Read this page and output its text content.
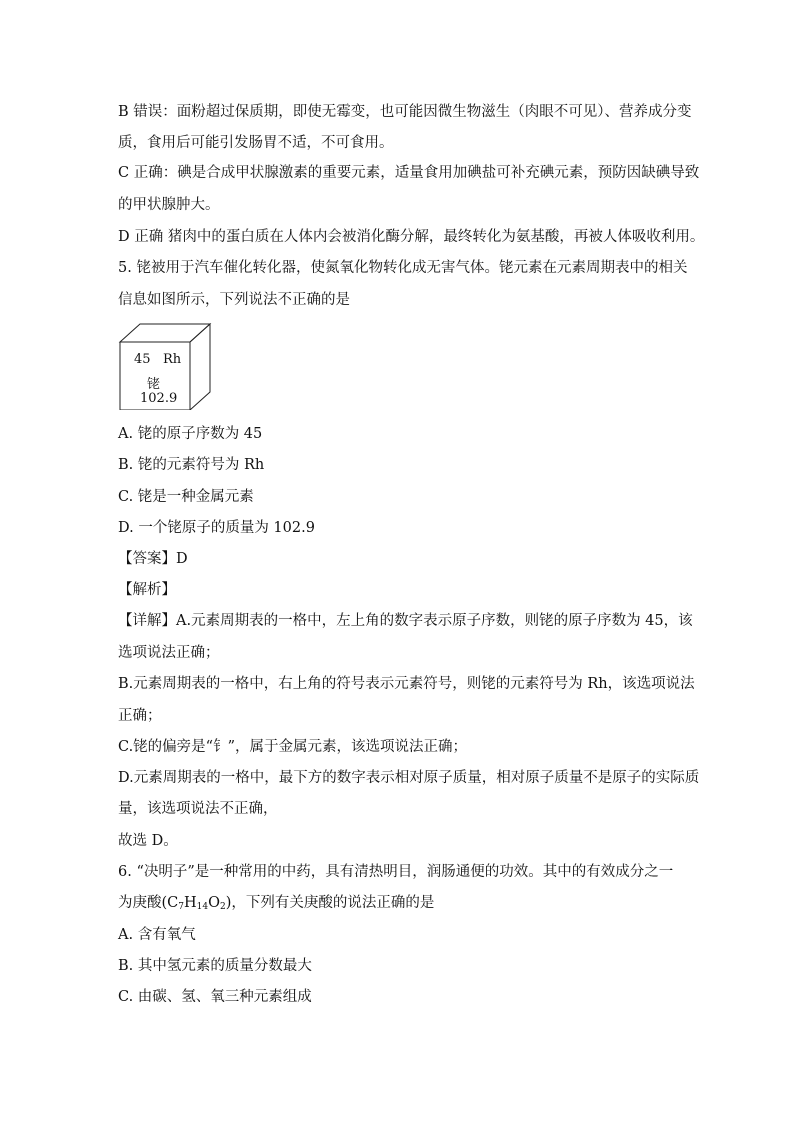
B 错误：面粉超过保质期，即使无霉变，也可能因微生物滋生（肉眼不可见）、营养成分变
质，食用后可能引发肠胃不适，不可食用。
C 正确：碘是合成甲状腺激素的重要元素，适量食用加碘盐可补充碘元素，预防因缺碘导致
的甲状腺肿大。
D 正确 猪肉中的蛋白质在人体内会被消化酶分解，最终转化为氨基酸，再被人体吸收利用。
5. 铑被用于汽车催化转化器，使氮氧化物转化成无害气体。铑元素在元素周期表中的相关
信息如图所示，下列说法不正确的是
45 Rh
铑
102.9
A. 铑的原子序数为 45
B. 铑的元素符号为 Rh
C. 铑是一种金属元素
D. 一个铑原子的质量为 102.9
【答案】D
【解析】
【详解】A.元素周期表的一格中，左上角的数字表示原子序数，则铑的原子序数为 45，该
选项说法正确；
B.元素周期表的一格中，右上角的符号表示元素符号，则铑的元素符号为 Rh，该选项说法
正确；
C.铑的偏旁是“钅”，属于金属元素，该选项说法正确；
D.元素周期表的一格中，最下方的数字表示相对原子质量，相对原子质量不是原子的实际质
量，该选项说法不正确，
故选 D。
6. “决明子”是一种常用的中药，具有清热明目，润肠通便的功效。其中的有效成分之一
为庚酸$(C_7H_{14}O_2)$，下列有关庚酸的说法正确的是
A. 含有氧气
B. 其中氢元素的质量分数最大
C. 由碳、氢、氧三种元素组成
